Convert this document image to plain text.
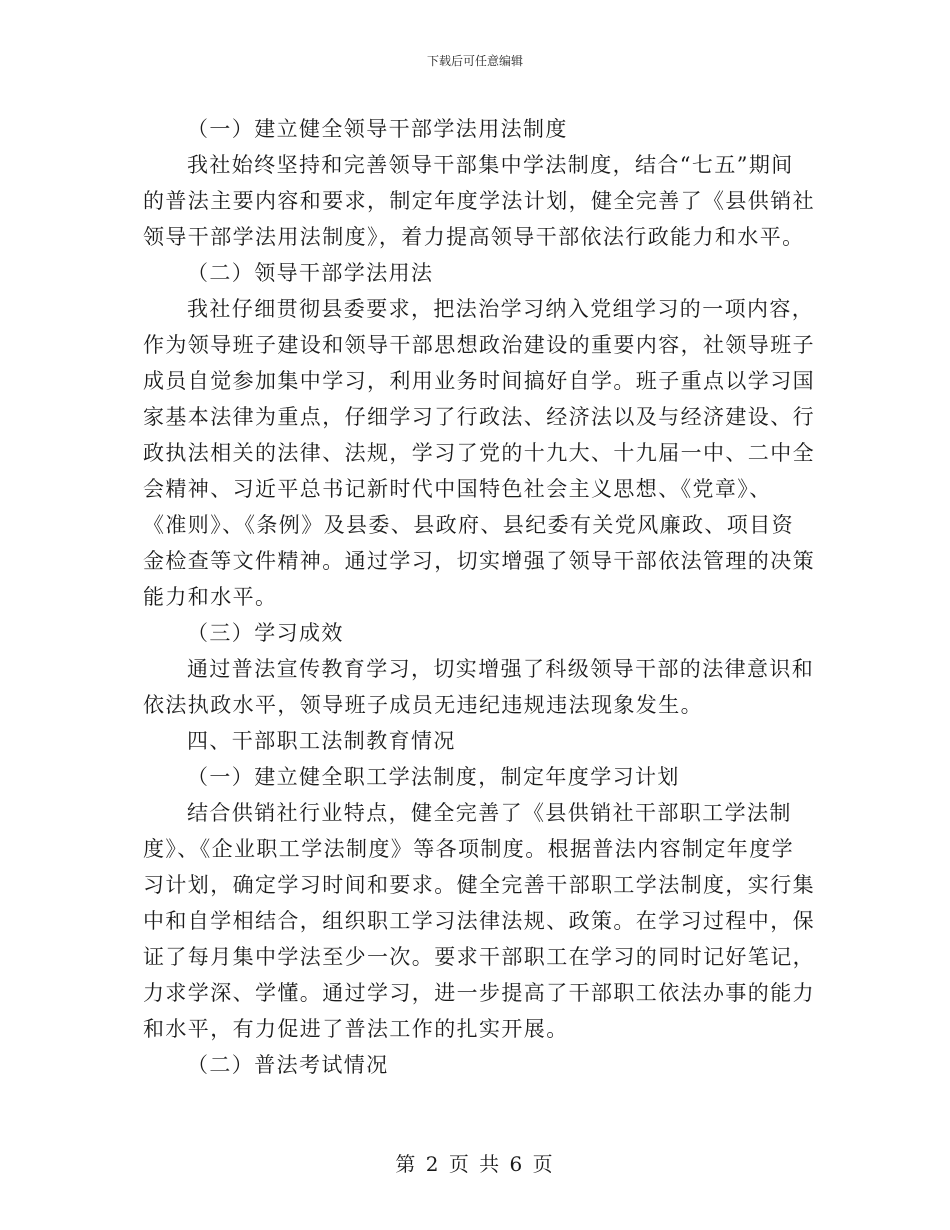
下载后可任意编辑
（一）建立健全领导干部学法用法制度
我社始终坚持和完善领导干部集中学法制度，结合“七五”期间
的普法主要内容和要求，制定年度学法计划，健全完善了《县供销社
领导干部学法用法制度》，着力提高领导干部依法行政能力和水平。
（二）领导干部学法用法
我社仔细贯彻县委要求，把法治学习纳入党组学习的一项内容，
作为领导班子建设和领导干部思想政治建设的重要内容，社领导班子
成员自觉参加集中学习，利用业务时间搞好自学。班子重点以学习国
家基本法律为重点，仔细学习了行政法、经济法以及与经济建设、行
政执法相关的法律、法规，学习了党的十九大、十九届一中、二中全
会精神、习近平总书记新时代中国特色社会主义思想、《党章》、
《准则》、《条例》及县委、县政府、县纪委有关党风廉政、项目资
金检查等文件精神。通过学习，切实增强了领导干部依法管理的决策
能力和水平。
（三）学习成效
通过普法宣传教育学习，切实增强了科级领导干部的法律意识和
依法执政水平，领导班子成员无违纪违规违法现象发生。
四、干部职工法制教育情况
（一）建立健全职工学法制度，制定年度学习计划
结合供销社行业特点，健全完善了《县供销社干部职工学法制
度》、《企业职工学法制度》等各项制度。根据普法内容制定年度学
习计划，确定学习时间和要求。健全完善干部职工学法制度，实行集
中和自学相结合，组织职工学习法律法规、政策。在学习过程中，保
证了每月集中学法至少一次。要求干部职工在学习的同时记好笔记，
力求学深、学懂。通过学习，进一步提高了干部职工依法办事的能力
和水平，有力促进了普法工作的扎实开展。
（二）普法考试情况
第 2 页 共 6 页
